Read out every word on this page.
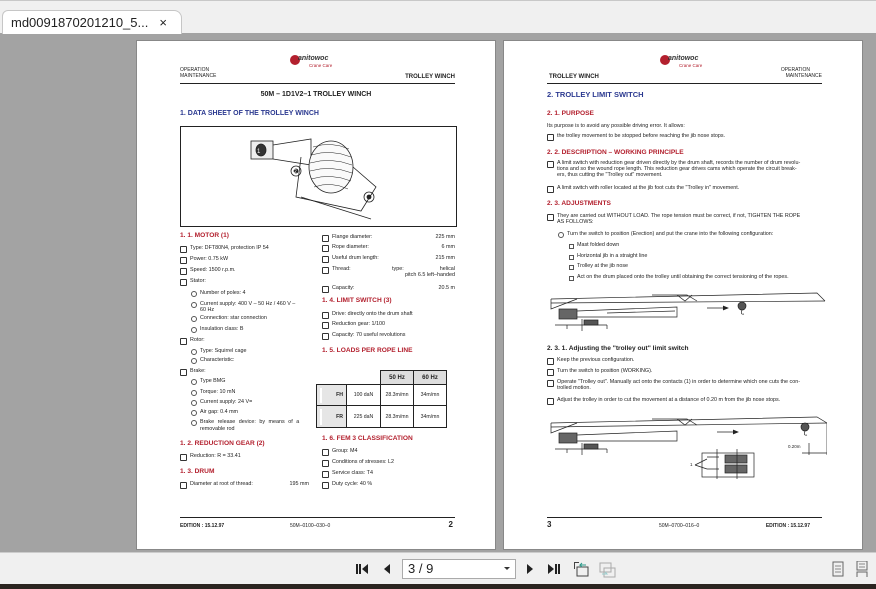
md0091870201210_5... ×
anitowoc
Crane Care
OPERATION
MAINTENANCE	TROLLEY WINCH
50M – 1D1V2–1 TROLLEY WINCH
1. DATA SHEET OF THE TROLLEY WINCH
1
2
1. 1. MOTOR (1)
Type: DFT80N4, protection IP 54
Power: 0.75 kW
Speed: 1500 r.p.m.
Stator:
Number of poles: 4
Current supply: 400 V – 50 Hz / 460 V –
60 Hz
Connection: star connection
Insulation class: B
Rotor:
Type: Squirrel cage
Characteristic:
Brake:
Type BMG
Torque: 10 mN
Current supply: 24 V=
Air gap: 0.4 mm
Brake release device: by means of a
removable rod
1. 2. REDUCTION GEAR (2)
Reduction: R = 33.41
1. 3. DRUM
Diameter at root of thread:	195 mm
Flange diameter:	225 mm
Rope diameter:	6 mm
Useful drum length:	215 mm
Thread:	type:	helical
pitch 6.5 left–handed
Capacity:	20.5 m
1. 4. LIMIT SWITCH (3)
Drive: directly onto the drum shaft
Reduction gear: 1/100
Capacity: 70 useful revolutions
1. 5. LOADS PER ROPE LINE
		50 Hz	60 Hz
FH	100 daN	28.3m/mn	34m/mn
FR	225 daN	28.3m/mn	34m/mn
1. 6. FEM 3 CLASSIFICATION
Group: M4
Conditions of stresses: L2
Service class: T4
Duty cycle: 40 %
EDITION : 15.12.97	50M–0100–030–0	2
anitowoc
Crane Care
TROLLEY WINCH
OPERATION
MAINTENANCE
2. TROLLEY LIMIT SWITCH
2. 1. PURPOSE
Its purpose is to avoid any possible driving error. It allows:
the trolley movement to be stopped before reaching the jib nose stops.
2. 2. DESCRIPTION – WORKING PRINCIPLE
A limit switch with reduction gear driven directly by the drum shaft, records the number of drum revolu-
tions and so the wound rope length. This reduction gear drives cams which operate the circuit break-
ers, thus cutting the "Trolley out" movement.
A limit switch with roller located at the jib foot cuts the "Trolley in" movement.
2. 3. ADJUSTMENTS
They are carried out WITHOUT LOAD. The rope tension must be correct, if not, TIGHTEN THE ROPE
AS FOLLOWS:
Turn the switch to position (Erection) and put the crane into the following configuration:
Mast folded down
Horizontal jib in a straight line
Trolley at the jib nose
Act on the drum placed onto the trolley until obtaining the correct tensioning of the ropes.
2. 3. 1. Adjusting the "trolley out" limit switch
Keep the previous configuration.
Turn the switch to position (WORKING).
Operate "Trolley out". Manually act onto the contacts (1) in order to determine which one cuts the con-
trolled motion.
Adjust the trolley in order to cut the movement at a distance of 0.20 m from the jib nose stops.
0.20m
1
3	50M–0700–016–0	EDITION : 15.12.97
3 / 9
